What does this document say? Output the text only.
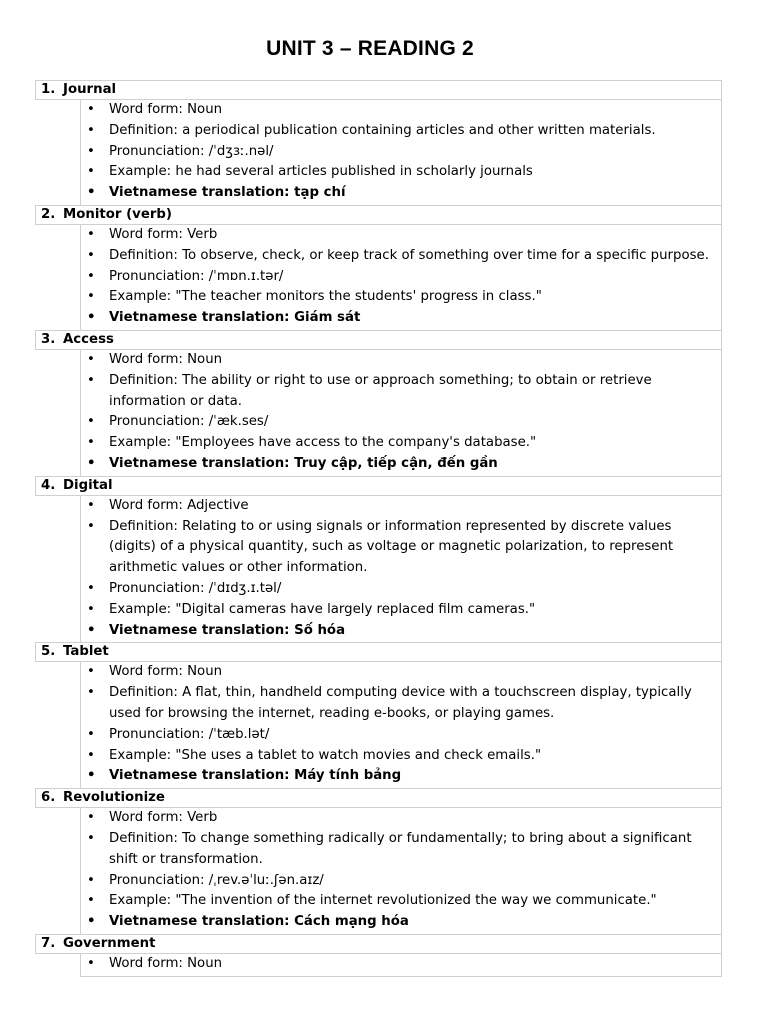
UNIT 3 – READING 2
1. Journal
• Word form: Noun
• Definition: a periodical publication containing articles and other written materials.
• Pronunciation: /ˈdʒɜː.nəl/
• Example: he had several articles published in scholarly journals
• Vietnamese translation: tạp chí
2. Monitor (verb)
• Word form: Verb
• Definition: To observe, check, or keep track of something over time for a specific purpose.
• Pronunciation: /ˈmɒn.ɪ.tər/
• Example: "The teacher monitors the students' progress in class."
• Vietnamese translation: Giám sát
3. Access
• Word form: Noun
• Definition: The ability or right to use or approach something; to obtain or retrieve information or data.
• Pronunciation: /ˈæk.ses/
• Example: "Employees have access to the company's database."
• Vietnamese translation: Truy cập, tiếp cận, đến gần
4. Digital
• Word form: Adjective
• Definition: Relating to or using signals or information represented by discrete values (digits) of a physical quantity, such as voltage or magnetic polarization, to represent arithmetic values or other information.
• Pronunciation: /ˈdɪdʒ.ɪ.təl/
• Example: "Digital cameras have largely replaced film cameras."
• Vietnamese translation: Số hóa
5. Tablet
• Word form: Noun
• Definition: A flat, thin, handheld computing device with a touchscreen display, typically used for browsing the internet, reading e-books, or playing games.
• Pronunciation: /ˈtæb.lət/
• Example: "She uses a tablet to watch movies and check emails."
• Vietnamese translation: Máy tính bảng
6. Revolutionize
• Word form: Verb
• Definition: To change something radically or fundamentally; to bring about a significant shift or transformation.
• Pronunciation: /ˌrev.əˈluː.ʃən.aɪz/
• Example: "The invention of the internet revolutionized the way we communicate."
• Vietnamese translation: Cách mạng hóa
7. Government
• Word form: Noun
